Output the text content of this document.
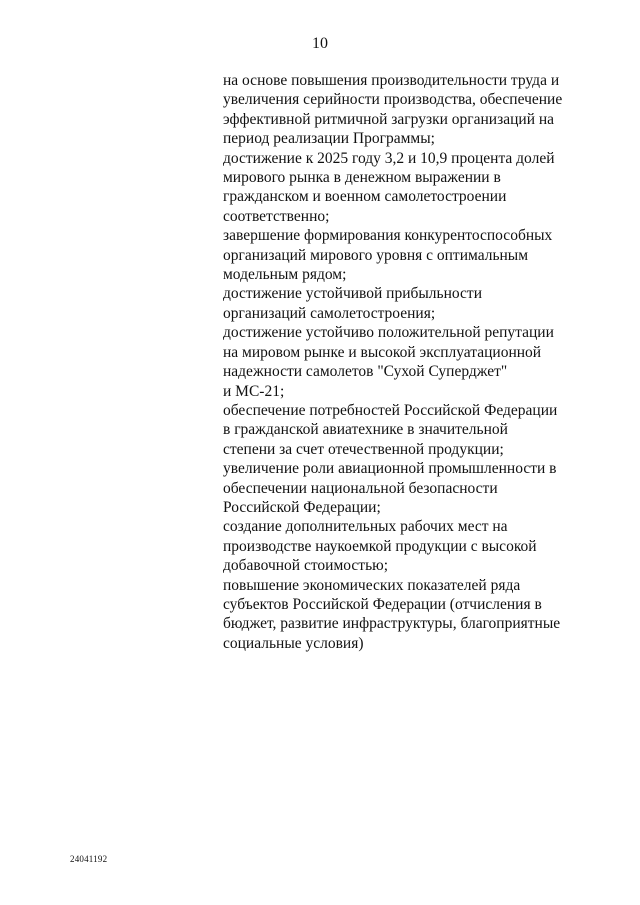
10
на основе повышения производительности труда и
увеличения серийности производства, обеспечение
эффективной ритмичной загрузки организаций на
период реализации Программы;
достижение к 2025 году 3,2 и 10,9 процента долей
мирового рынка в денежном выражении в
гражданском и военном самолетостроении
соответственно;
завершение формирования конкурентоспособных
организаций мирового уровня с оптимальным
модельным рядом;
достижение устойчивой прибыльности
организаций самолетостроения;
достижение устойчиво положительной репутации
на мировом рынке и высокой эксплуатационной
надежности самолетов "Сухой Суперджет"
и МС-21;
обеспечение потребностей Российской Федерации
в гражданской авиатехнике в значительной
степени за счет отечественной продукции;
увеличение роли авиационной промышленности в
обеспечении национальной безопасности
Российской Федерации;
создание дополнительных рабочих мест на
производстве наукоемкой продукции с высокой
добавочной стоимостью;
повышение экономических показателей ряда
субъектов Российской Федерации (отчисления в
бюджет, развитие инфраструктуры, благоприятные
социальные условия)
24041192
